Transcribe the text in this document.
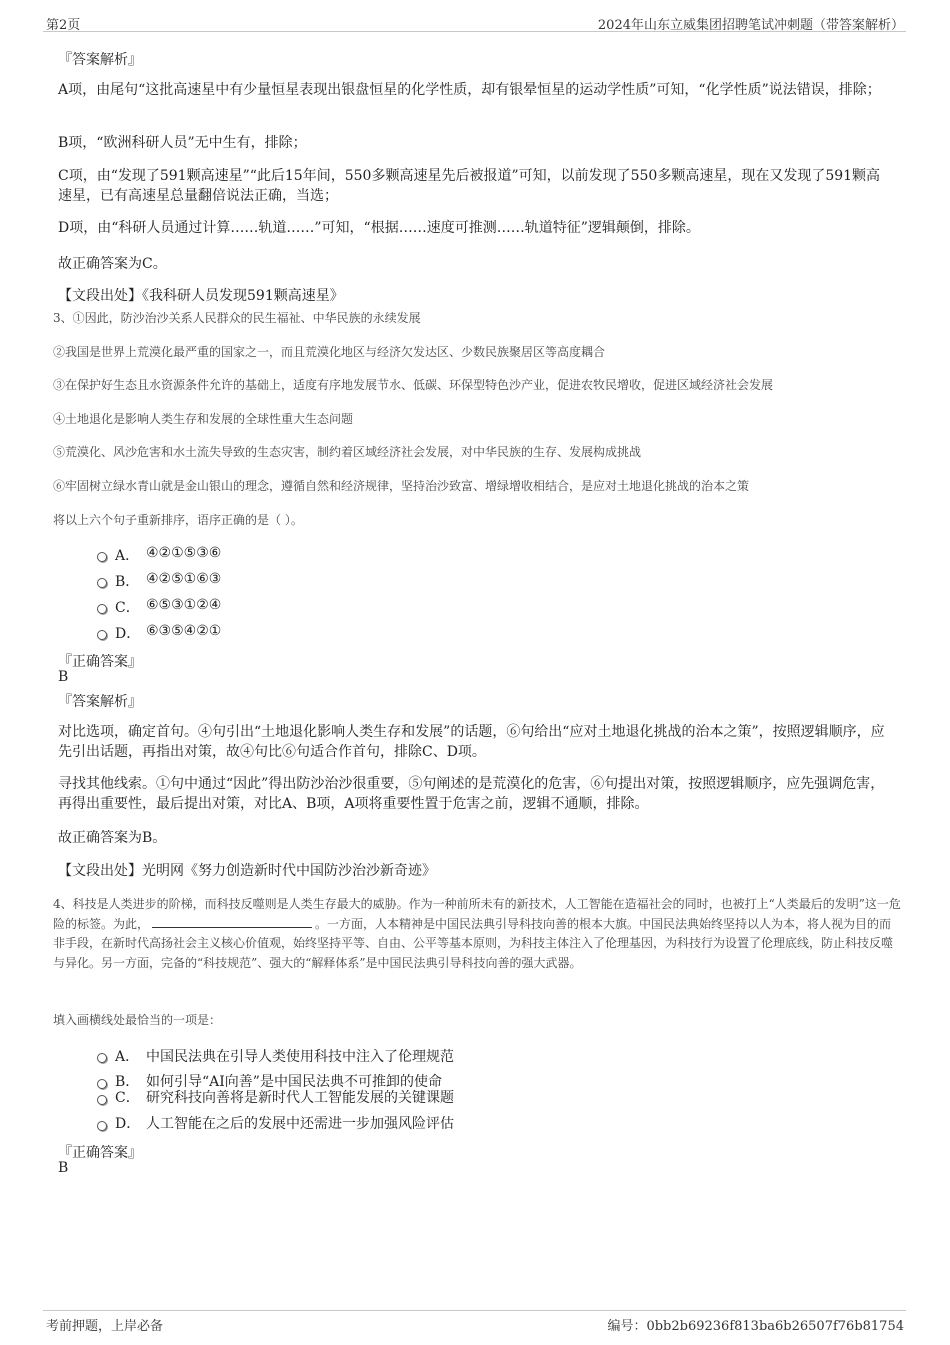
第2页	2024年山东立威集团招聘笔试冲刺题（带答案解析）
『答案解析』
A项，由尾句“这批高速星中有少量恒星表现出银盘恒星的化学性质，却有银晕恒星的运动学性质”可知，“化学性质”说法错误，排除；
B项，“欧洲科研人员”无中生有，排除；
C项，由“发现了591颗高速星”“此后15年间，550多颗高速星先后被报道”可知，以前发现了550多颗高速星，现在又发现了591颗高速星，已有高速星总量翻倍说法正确，当选；
D项，由“科研人员通过计算……轨道……”可知，“根据……速度可推测……轨道特征”逻辑颠倒，排除。
故正确答案为C。
【文段出处】《我科研人员发现591颗高速星》
3、①因此，防沙治沙关系人民群众的民生福祉、中华民族的永续发展
②我国是世界上荒漠化最严重的国家之一，而且荒漠化地区与经济欠发达区、少数民族聚居区等高度耦合
③在保护好生态且水资源条件允许的基础上，适度有序地发展节水、低碳、环保型特色沙产业，促进农牧民增收，促进区域经济社会发展
④土地退化是影响人类生存和发展的全球性重大生态问题
⑤荒漠化、风沙危害和水土流失导致的生态灾害，制约着区域经济社会发展，对中华民族的生存、发展构成挑战
⑥牢固树立绿水青山就是金山银山的理念，遵循自然和经济规律，坚持治沙致富、增绿增收相结合，是应对土地退化挑战的治本之策
将以上六个句子重新排序，语序正确的是（ ）。
A． ④②①⑤③⑥
B． ④②⑤①⑥③
C． ⑥⑤③①②④
D． ⑥③⑤④②①
『正确答案』
B
『答案解析』
对比选项，确定首句。④句引出“土地退化影响人类生存和发展”的话题，⑥句给出“应对土地退化挑战的治本之策”，按照逻辑顺序，应先引出话题，再指出对策，故④句比⑥句适合作首句，排除C、D项。
寻找其他线索。①句中通过“因此”得出防沙治沙很重要，⑤句阐述的是荒漠化的危害，⑥句提出对策，按照逻辑顺序，应先强调危害，再得出重要性，最后提出对策，对比A、B项，A项将重要性置于危害之前，逻辑不通顺，排除。
故正确答案为B。
【文段出处】光明网《努力创造新时代中国防沙治沙新奇迹》
4、科技是人类进步的阶梯，而科技反噬则是人类生存最大的威胁。作为一种前所未有的新技术，人工智能在造福社会的同时，也被打上“人类最后的发明”这一危险的标签。为此，	。一方面，人本精神是中国民法典引导科技向善的根本大旗。中国民法典始终坚持以人为本，将人视为目的而非手段，在新时代高扬社会主义核心价值观，始终坚持平等、自由、公平等基本原则，为科技主体注入了伦理基因，为科技行为设置了伦理底线，防止科技反噬与异化。另一方面，完备的“科技规范”、强大的“解释体系”是中国民法典引导科技向善的强大武器。
填入画横线处最恰当的一项是：
A． 中国民法典在引导人类使用科技中注入了伦理规范
B． 如何引导“AI向善”是中国民法典不可推卸的使命
C． 研究科技向善将是新时代人工智能发展的关键课题
D． 人工智能在之后的发展中还需进一步加强风险评估
『正确答案』
B
考前押题，上岸必备	编号：0bb2b69236f813ba6b26507f76b81754
